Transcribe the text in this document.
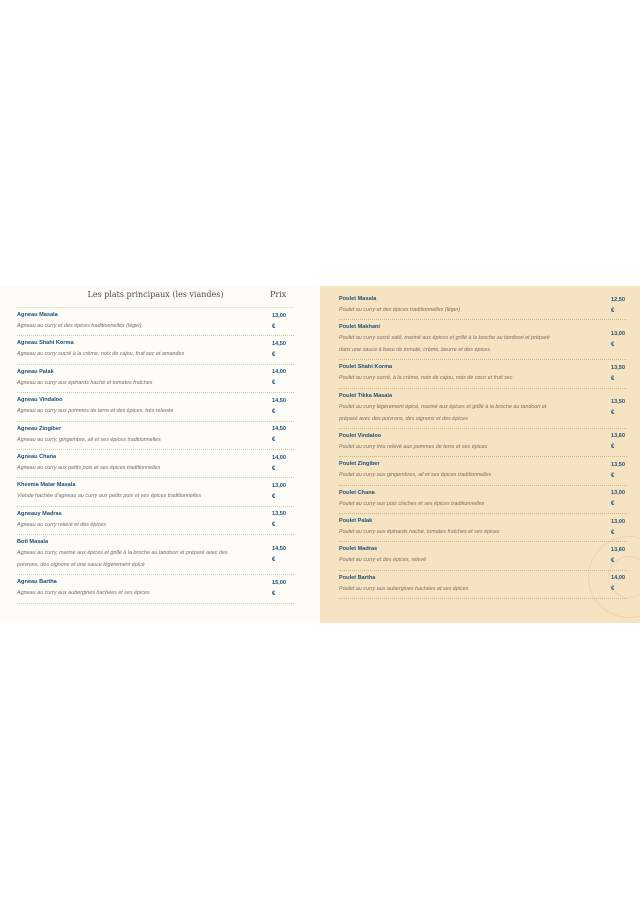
Les plats principaux (les viandes)	Prix
Agneau Masala
Agneau au curry et des épices traditionnelles (léger)
13,00
€
Agneau Shahi Korma
Agneau au curry sucré à la crème, noix de cajou, fruit sec et amandes
14,50
€
Agneau Palak
Agneau au curry aux épinards haché et tomates fraîches
14,00
€
Agneau Vindaloo
Agneau au curry aux pommes de terre et des épices, très relevée
14,50
€
Agneau Zingiber
Agneau au curry, gingembre, ail et ses épices traditionnelles
14,50
€
Agneau Chana
Agneau au curry aux petits pois et ses épices traditionnelles
14,00
€
Kheema Matar Masala
Viande hachée d'agneau au curry aux petits pois et ses épices traditionnelles
13,00
€
Agneauy Madras
Agneau au curry relevé et des épices
13,50
€
Boti Masala
Agneau au curry, mariné aux épices et grillé à la broche au tandoori et préparé avec des
poivrons, des oignons et une sauce légèrement épicé
14,50
€
Agneau Bartha
Agneau au curry aux aubergines hachées et ses épices
15,00
€
Poulet Masala
Poulet au curry et des épices traditionnelles (léger)
12,50
€
Poulet Makhani
Poulet au curry sucré salé, mariné aux épices et grillé à la broche au tandoori et préparé
dans une sauce à base de tomate, crème, beurre et des épices
13,00
€
Poulet Shahi Korma
Poulet au curry sucré, à la crème, noix de cajou, noix de coco et fruit sec
13,50
€
Poulet Tikka Masala
Poulet au curry légèrement épicé, mariné aux épices et grillé à la broche au tandoori et
préparé avec des poivrons, des oignons et des épices
13,50
€
Poulet Vindaloo
Poulet au curry très relevé aux pommes de terre et ses épices
13,60
€
Poulet Zingiber
Poulet au curry aux gingembres, ail et ses épices traditionnelles
13,50
€
Poulet Chana
Poulet au curry aux pois chiches et ses épices traditionnelles
13,00
€
Poulet Palak
Poulet au curry aux épinards haché, tomates fraîches et ses épices
13,00
€
Poulet Madras
Poulet au curry et des épices, relevé
13,60
€
Poulet Bartha
Poulet au curry aux aubergines hachées et ses épices
14,00
€
